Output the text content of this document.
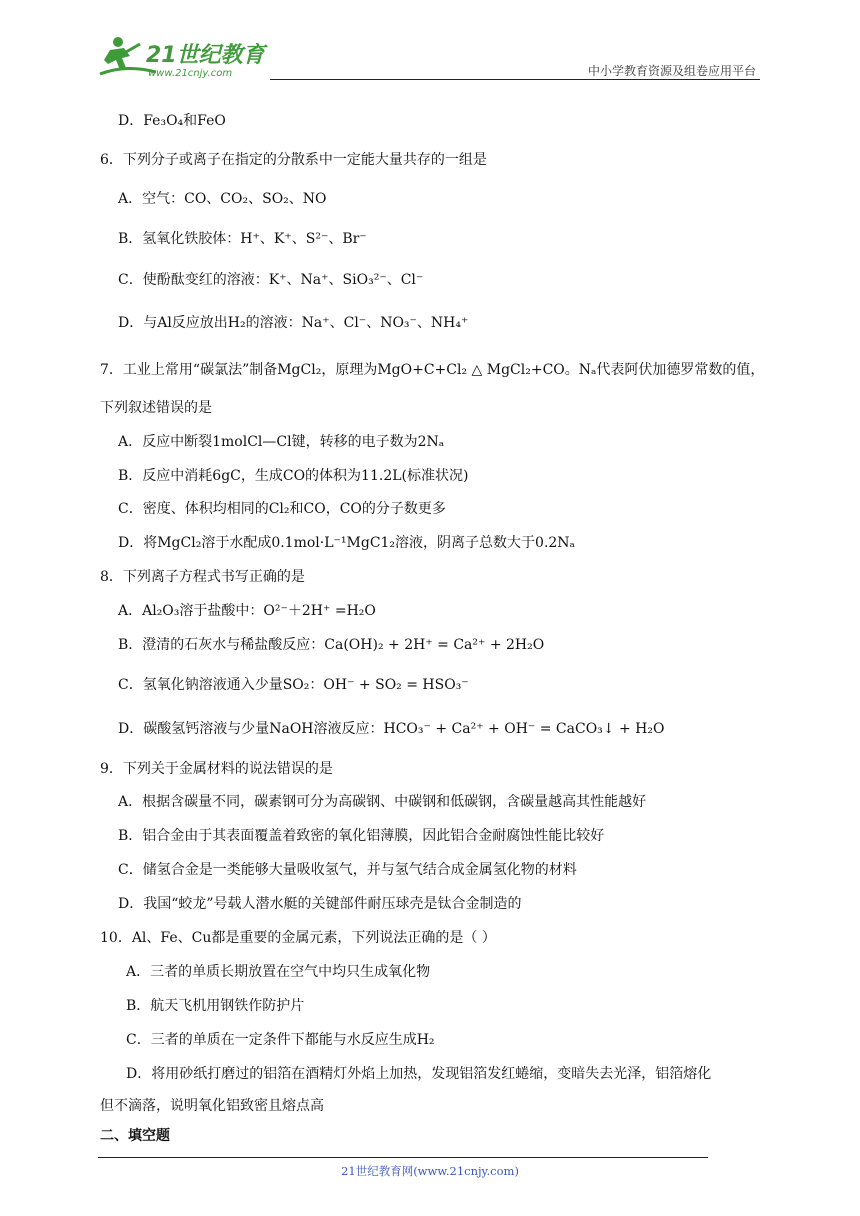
21世纪教育
www.21cnjy.com	中小学教育资源及组卷应用平台
D．Fe₃O₄和FeO
6．下列分子或离子在指定的分散系中一定能大量共存的一组是
A．空气：CO、CO₂、SO₂、NO
B．氢氧化铁胶体：H⁺、K⁺、S²⁻、Br⁻
C．使酚酞变红的溶液：K⁺、Na⁺、SiO₃²⁻、Cl⁻
D．与Al反应放出H₂的溶液：Na⁺、Cl⁻、NO₃⁻、NH₄⁺
7．工业上常用“碳氯法”制备MgCl₂，原理为MgO+C+Cl₂ △ MgCl₂+CO。Nₐ代表阿伏加德罗常数的值，
下列叙述错误的是
A．反应中断裂1molCl—Cl键，转移的电子数为2Nₐ
B．反应中消耗6gC，生成CO的体积为11.2L(标准状况)
C．密度、体积均相同的Cl₂和CO，CO的分子数更多
D．将MgCl₂溶于水配成0.1mol·L⁻¹MgC1₂溶液，阴离子总数大于0.2Nₐ
8．下列离子方程式书写正确的是
A．Al₂O₃溶于盐酸中：O²⁻＋2H⁺ =H₂O
B．澄清的石灰水与稀盐酸反应：Ca(OH)₂ + 2H⁺ = Ca²⁺ + 2H₂O
C．氢氧化钠溶液通入少量SO₂：OH⁻ + SO₂ = HSO₃⁻
D．碳酸氢钙溶液与少量NaOH溶液反应：HCO₃⁻ + Ca²⁺ + OH⁻ = CaCO₃↓ + H₂O
9．下列关于金属材料的说法错误的是
A．根据含碳量不同，碳素钢可分为高碳钢、中碳钢和低碳钢，含碳量越高其性能越好
B．铝合金由于其表面覆盖着致密的氧化铝薄膜，因此铝合金耐腐蚀性能比较好
C．储氢合金是一类能够大量吸收氢气，并与氢气结合成金属氢化物的材料
D．我国“蛟龙”号载人潜水艇的关键部件耐压球壳是钛合金制造的
10．Al、Fe、Cu都是重要的金属元素，下列说法正确的是（ ）
A．三者的单质长期放置在空气中均只生成氧化物
B．航天飞机用钢铁作防护片
C．三者的单质在一定条件下都能与水反应生成H₂
D．将用砂纸打磨过的铝箔在酒精灯外焰上加热，发现铝箔发红蜷缩，变暗失去光泽，铝箔熔化
但不滴落，说明氧化铝致密且熔点高
二、填空题
21世纪教育网(www.21cnjy.com)
